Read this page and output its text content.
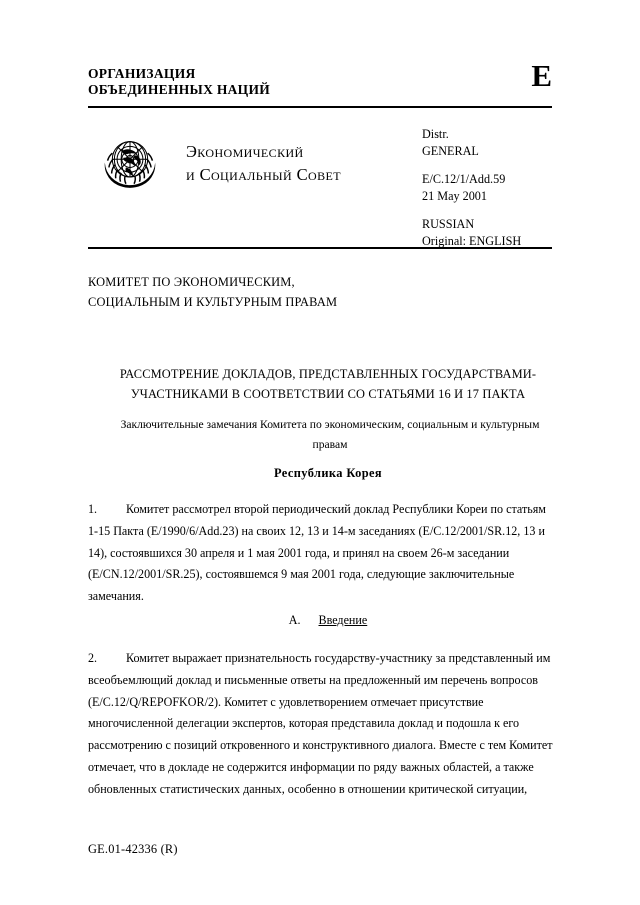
ОРГАНИЗАЦИЯ
ОБЪЕДИНЕННЫХ НАЦИЙ	E
Экономический
и Социальный Совет
Distr.
GENERAL
E/C.12/1/Add.59
21 May 2001
RUSSIAN
Original: ENGLISH
КОМИТЕТ ПО ЭКОНОМИЧЕСКИМ,
СОЦИАЛЬНЫМ И КУЛЬТУРНЫМ ПРАВАМ
РАССМОТРЕНИЕ ДОКЛАДОВ, ПРЕДСТАВЛЕННЫХ ГОСУДАРСТВАМИ-УЧАСТНИКАМИ В СООТВЕТСТВИИ СО СТАТЬЯМИ 16 И 17 ПАКТА
Заключительные замечания Комитета по экономическим, социальным и культурным правам
Республика Корея
1. Комитет рассмотрел второй периодический доклад Республики Кореи по статьям 1-15 Пакта (E/1990/6/Add.23) на своих 12, 13 и 14-м заседаниях (E/C.12/2001/SR.12, 13 и 14), состоявшихся 30 апреля и 1 мая 2001 года, и принял на своем 26-м заседании (E/CN.12/2001/SR.25), состоявшемся 9 мая 2001 года, следующие заключительные замечания.
А. Введение
2. Комитет выражает признательность государству-участнику за представленный им всеобъемлющий доклад и письменные ответы на предложенный им перечень вопросов (E/C.12/Q/REPOFKOR/2). Комитет с удовлетворением отмечает присутствие многочисленной делегации экспертов, которая представила доклад и подошла к его рассмотрению с позиций откровенного и конструктивного диалога. Вместе с тем Комитет отмечает, что в докладе не содержится информации по ряду важных областей, а также обновленных статистических данных, особенно в отношении критической ситуации,
GE.01-42336 (R)
